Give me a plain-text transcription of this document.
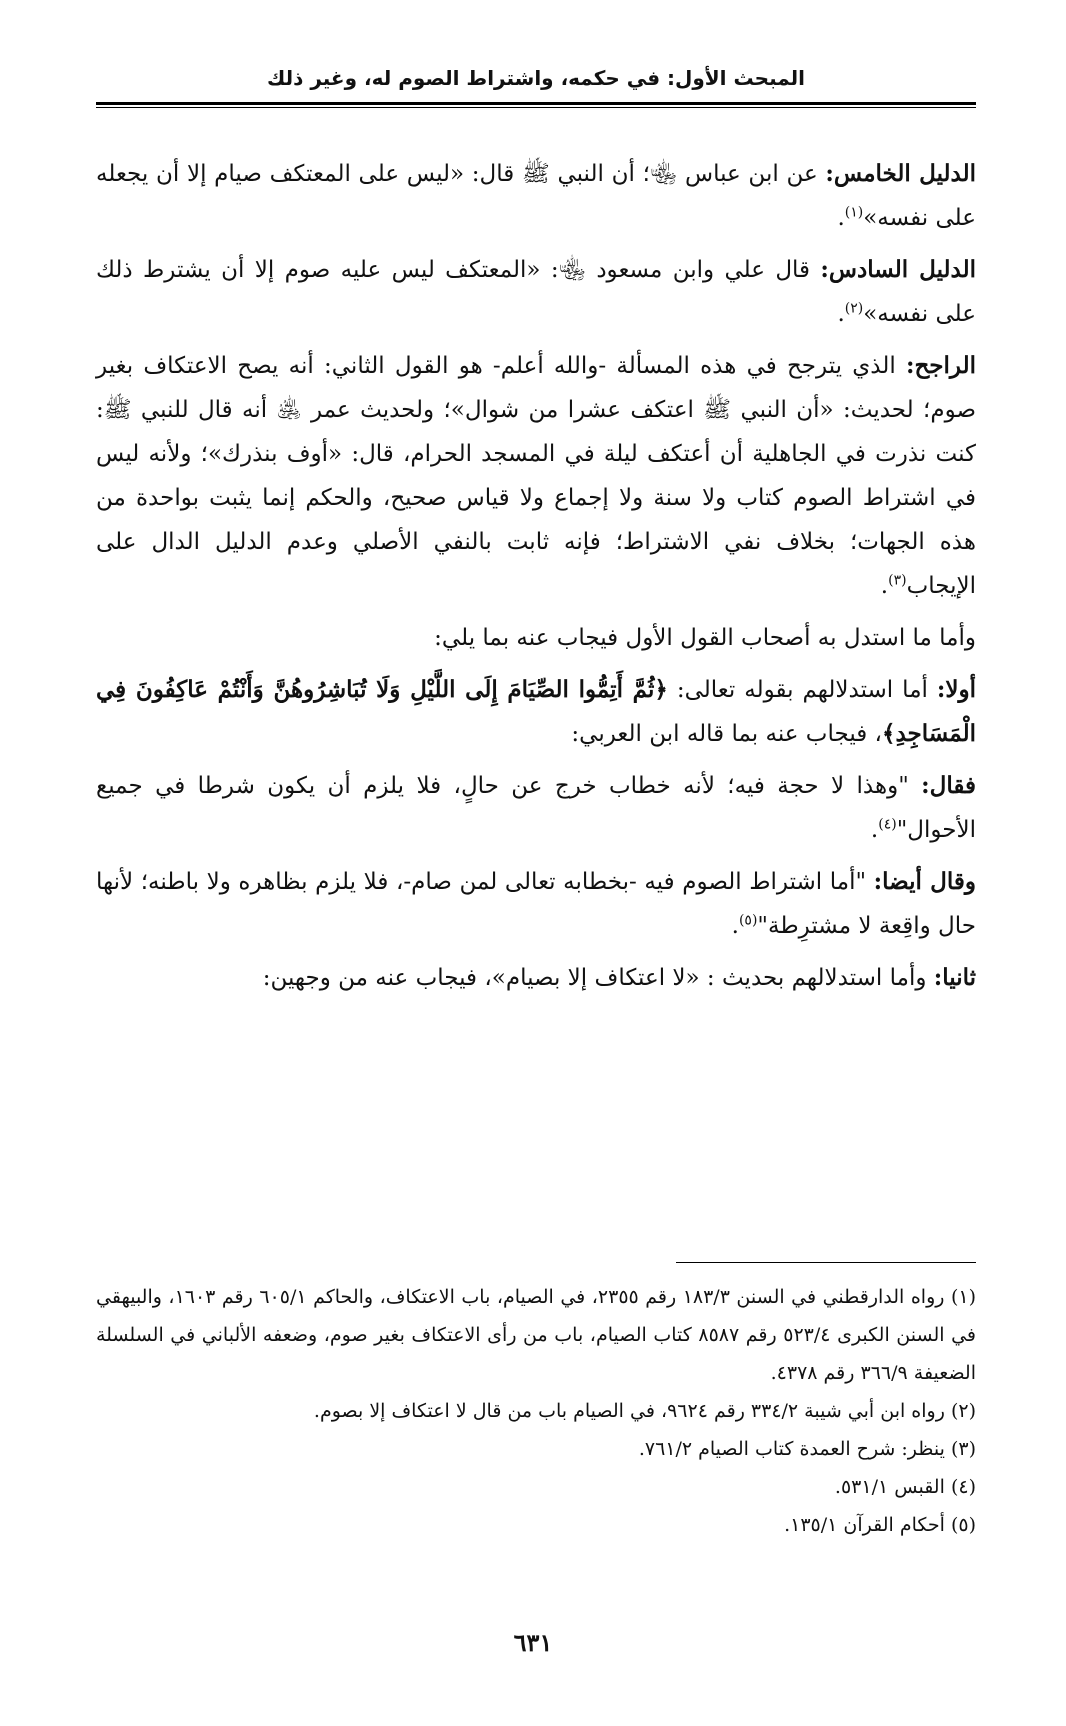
المبحث الأول: في حكمه، واشتراط الصوم له، وغير ذلك

الدليل الخامس: عن ابن عباس ﵄؛ أن النبي ﷺ قال: «ليس على المعتكف صيام إلا أن يجعله على نفسه»$^{(١)}$.

الدليل السادس: قال علي وابن مسعود ﵄: «المعتكف ليس عليه صوم إلا أن يشترط ذلك على نفسه»$^{(٢)}$.

الراجح: الذي يترجح في هذه المسألة -والله أعلم- هو القول الثاني: أنه يصح الاعتكاف بغير صوم؛ لحديث: «أن النبي ﷺ اعتكف عشرا من شوال»؛ ولحديث عمر ﵁ أنه قال للنبي ﷺ: كنت نذرت في الجاهلية أن أعتكف ليلة في المسجد الحرام، قال: «أوف بنذرك»؛ ولأنه ليس في اشتراط الصوم كتاب ولا سنة ولا إجماع ولا قياس صحيح، والحكم إنما يثبت بواحدة من هذه الجهات؛ بخلاف نفي الاشتراط؛ فإنه ثابت بالنفي الأصلي وعدم الدليل الدال على الإيجاب$^{(٣)}$.

وأما ما استدل به أصحاب القول الأول فيجاب عنه بما يلي:

أولا: أما استدلالهم بقوله تعالى: ﴿ثُمَّ أَتِمُّوا الصِّيَامَ إِلَى اللَّيْلِ وَلَا تُبَاشِرُوهُنَّ وَأَنْتُمْ عَاكِفُونَ فِي الْمَسَاجِدِ﴾، فيجاب عنه بما قاله ابن العربي:

فقال: "وهذا لا حجة فيه؛ لأنه خطاب خرج عن حالٍ، فلا يلزم أن يكون شرطا في جميع الأحوال"$^{(٤)}$.

وقال أيضا: "أما اشتراط الصوم فيه -بخطابه تعالى لمن صام-، فلا يلزم بظاهره ولا باطنه؛ لأنها حال واقِعة لا مشترِطة"$^{(٥)}$.

ثانيا: وأما استدلالهم بحديث : «لا اعتكاف إلا بصيام»، فيجاب عنه من وجهين:

(١) رواه الدارقطني في السنن ١٨٣/٣ رقم ٢٣٥٥، في الصيام، باب الاعتكاف، والحاكم ٦٠٥/١ رقم ١٦٠٣، والبيهقي في السنن الكبرى ٥٢٣/٤ رقم ٨٥٨٧ كتاب الصيام، باب من رأى الاعتكاف بغير صوم، وضعفه الألباني في السلسلة الضعيفة ٣٦٦/٩ رقم ٤٣٧٨.

(٢) رواه ابن أبي شيبة ٣٣٤/٢ رقم ٩٦٢٤، في الصيام باب من قال لا اعتكاف إلا بصوم.

(٣) ينظر: شرح العمدة كتاب الصيام ٧٦١/٢.

(٤) القبس ٥٣١/١.

(٥) أحكام القرآن ١٣٥/١.

٦٣١
